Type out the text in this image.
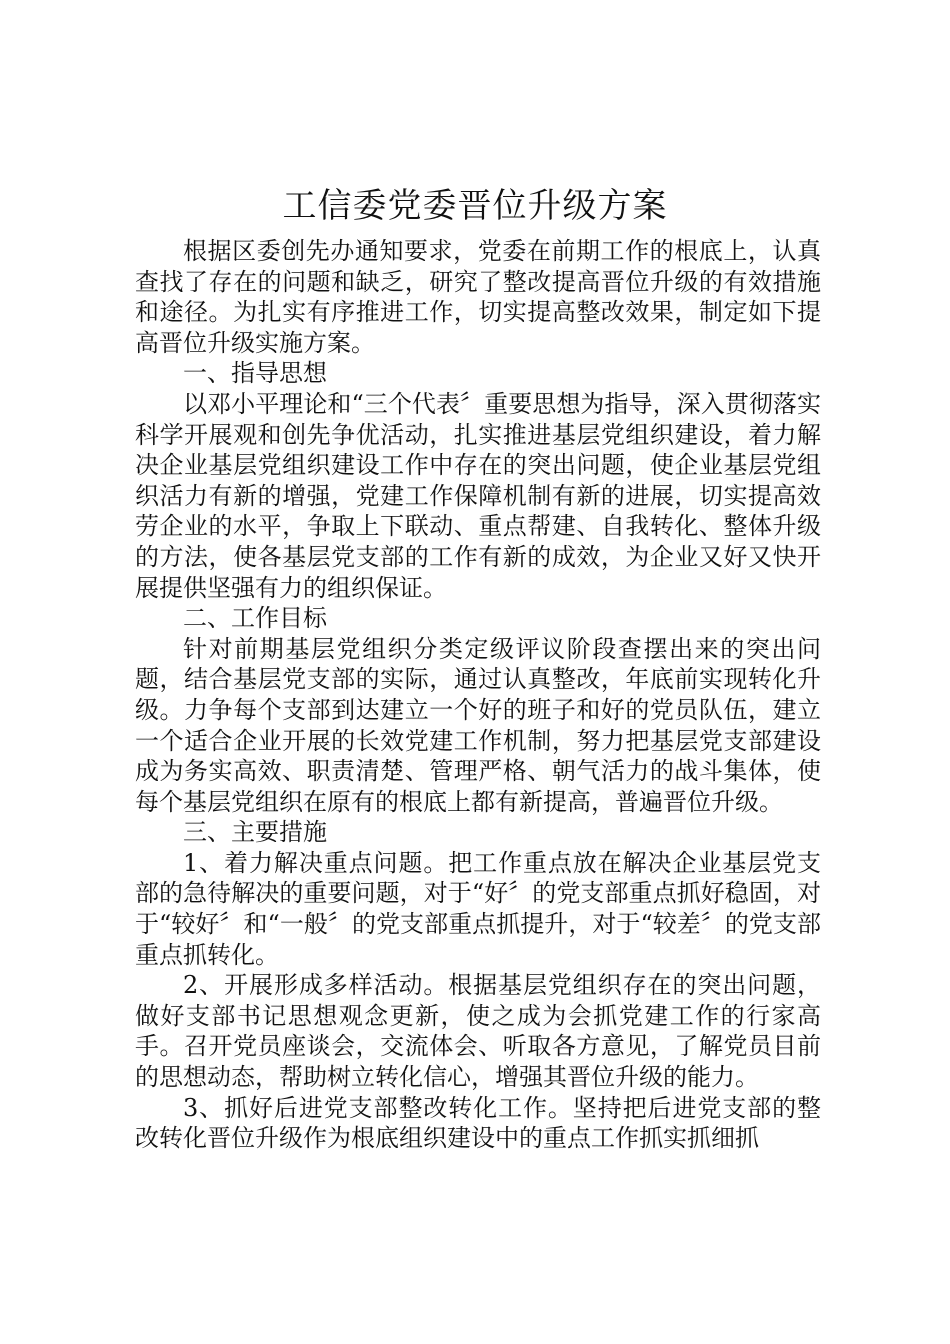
工信委党委晋位升级方案

根据区委创先办通知要求，党委在前期工作的根底上，认真查找了存在的问题和缺乏，研究了整改提高晋位升级的有效措施和途径。为扎实有序推进工作，切实提高整改效果，制定如下提高晋位升级实施方案。

一、指导思想

以邓小平理论和“三个代表〞重要思想为指导，深入贯彻落实科学开展观和创先争优活动，扎实推进基层党组织建设，着力解决企业基层党组织建设工作中存在的突出问题，使企业基层党组织活力有新的增强，党建工作保障机制有新的进展，切实提高效劳企业的水平，争取上下联动、重点帮建、自我转化、整体升级的方法，使各基层党支部的工作有新的成效，为企业又好又快开展提供坚强有力的组织保证。

二、工作目标

针对前期基层党组织分类定级评议阶段查摆出来的突出问题，结合基层党支部的实际，通过认真整改，年底前实现转化升级。力争每个支部到达建立一个好的班子和好的党员队伍，建立一个适合企业开展的长效党建工作机制，努力把基层党支部建设成为务实高效、职责清楚、管理严格、朝气活力的战斗集体，使每个基层党组织在原有的根底上都有新提高，普遍晋位升级。

三、主要措施

1、着力解决重点问题。把工作重点放在解决企业基层党支部的急待解决的重要问题，对于“好〞的党支部重点抓好稳固，对于“较好〞和“一般〞的党支部重点抓提升，对于“较差〞的党支部重点抓转化。

2、开展形成多样活动。根据基层党组织存在的突出问题，做好支部书记思想观念更新，使之成为会抓党建工作的行家高手。召开党员座谈会，交流体会、听取各方意见，了解党员目前的思想动态，帮助树立转化信心，增强其晋位升级的能力。

3、抓好后进党支部整改转化工作。坚持把后进党支部的整改转化晋位升级作为根底组织建设中的重点工作抓实抓细抓
